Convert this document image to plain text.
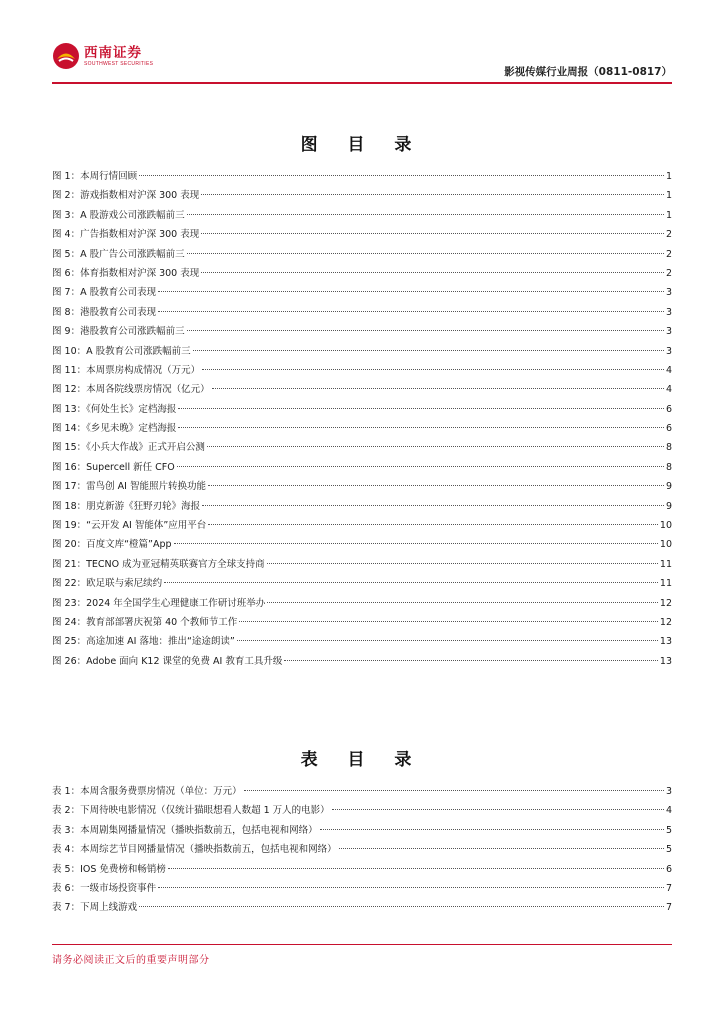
西南证券
SOUTHWEST SECURITIES
影视传媒行业周报（0811-0817）
图 目 录
图 1：本周行情回顾	1
图 2：游戏指数相对沪深 300 表现	1
图 3：A 股游戏公司涨跌幅前三	1
图 4：广告指数相对沪深 300 表现	2
图 5：A 股广告公司涨跌幅前三	2
图 6：体育指数相对沪深 300 表现	2
图 7：A 股教育公司表现	3
图 8：港股教育公司表现	3
图 9：港股教育公司涨跌幅前三	3
图 10：A 股教育公司涨跌幅前三	3
图 11：本周票房构成情况（万元）	4
图 12：本周各院线票房情况（亿元）	4
图 13：《何处生长》定档海报	6
图 14：《乡见未晚》定档海报	6
图 15：《小兵大作战》正式开启公测	8
图 16：Supercell 新任 CFO	8
图 17：雷鸟创 AI 智能照片转换功能	9
图 18：朋克新游《狂野刃轮》海报	9
图 19：“云开发 AI 智能体”应用平台	10
图 20：百度文库“橙篇”App	10
图 21：TECNO 成为亚冠精英联赛官方全球支持商	11
图 22：欧足联与索尼续约	11
图 23：2024 年全国学生心理健康工作研讨班举办	12
图 24：教育部部署庆祝第 40 个教师节工作	12
图 25：高途加速 AI 落地：推出“途途朗读”	13
图 26：Adobe 面向 K12 课堂的免费 AI 教育工具升级	13
表 目 录
表 1：本周含服务费票房情况（单位：万元）	3
表 2：下周待映电影情况（仅统计猫眼想看人数超 1 万人的电影）	4
表 3：本周剧集网播量情况（播映指数前五，包括电视和网络）	5
表 4：本周综艺节目网播量情况（播映指数前五，包括电视和网络）	5
表 5：IOS 免费榜和畅销榜	6
表 6：一级市场投资事件	7
表 7：下周上线游戏	7
请务必阅读正文后的重要声明部分
